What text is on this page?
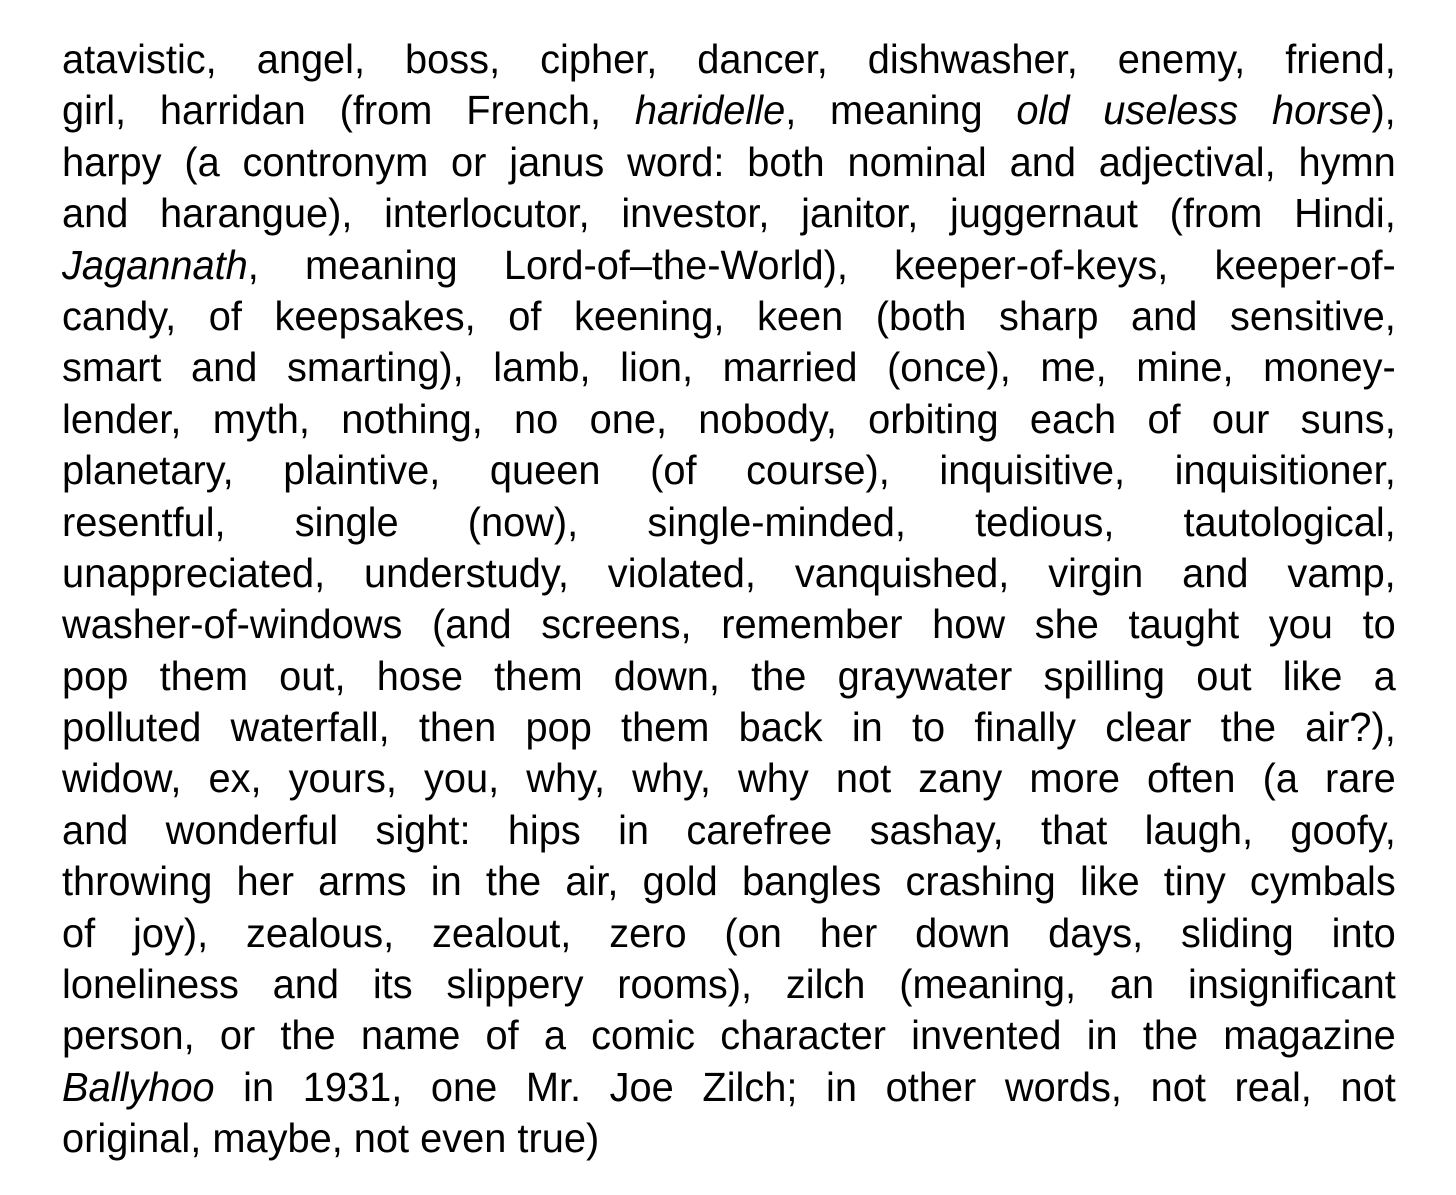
atavistic, angel, boss, cipher, dancer, dishwasher, enemy, friend,
girl, harridan (from French, haridelle, meaning old useless horse),
harpy (a contronym or janus word: both nominal and adjectival, hymn
and harangue), interlocutor, investor, janitor, juggernaut (from Hindi,
Jagannath, meaning Lord-of–the-World), keeper-of-keys, keeper-of-
candy, of keepsakes, of keening, keen (both sharp and sensitive,
smart and smarting), lamb, lion, married (once), me, mine, money-
lender, myth, nothing, no one, nobody, orbiting each of our suns,
planetary, plaintive, queen (of course), inquisitive, inquisitioner,
resentful, single (now), single-minded, tedious, tautological,
unappreciated, understudy, violated, vanquished, virgin and vamp,
washer-of-windows (and screens, remember how she taught you to
pop them out, hose them down, the graywater spilling out like a
polluted waterfall, then pop them back in to finally clear the air?),
widow, ex, yours, you, why, why, why not zany more often (a rare
and wonderful sight: hips in carefree sashay, that laugh, goofy,
throwing her arms in the air, gold bangles crashing like tiny cymbals
of joy), zealous, zealout, zero (on her down days, sliding into
loneliness and its slippery rooms), zilch (meaning, an insignificant
person, or the name of a comic character invented in the magazine
Ballyhoo in 1931, one Mr. Joe Zilch; in other words, not real, not
original, maybe, not even true)
